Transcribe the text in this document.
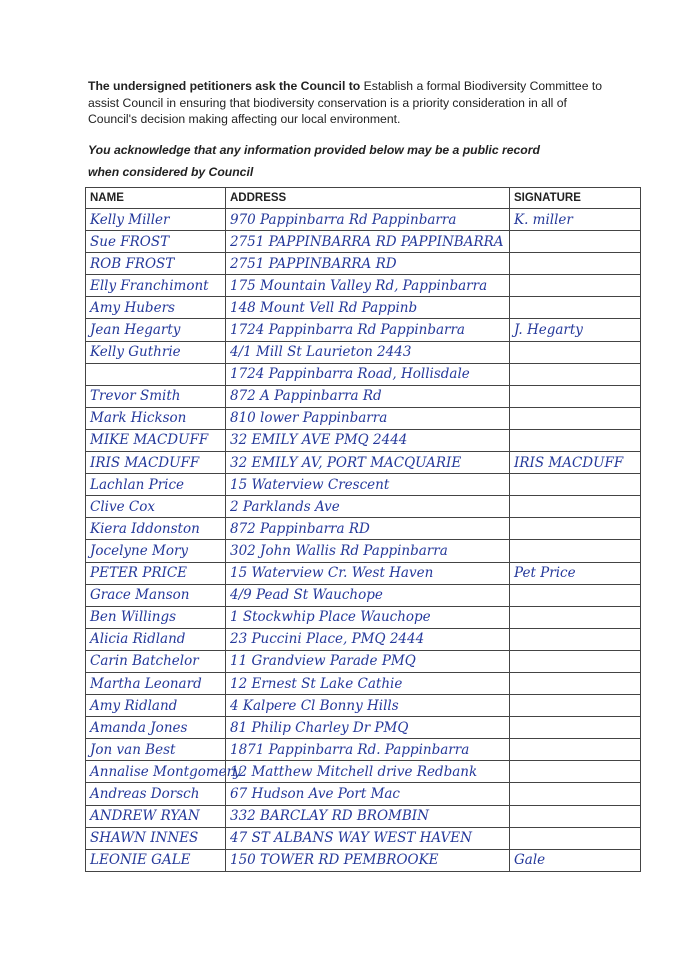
The undersigned petitioners ask the Council to Establish a formal Biodiversity Committee to assist Council in ensuring that biodiversity conservation is a priority consideration in all of Council's decision making affecting our local environment.
You acknowledge that any information provided below may be a public record when considered by Council
NAME	ADDRESS	SIGNATURE
Kelly Miller	970 Pappinbarra Rd Pappinbarra	K. miller
Sue FROST	2751 PAPPINBARRA RD PAPPINBARRA	
ROB FROST	2751 PAPPINBARRA RD	
Elly Franchimont	175 Mountain Valley Rd, Pappinbarra	
Amy Hubers	148 Mount Vell Rd Pappinb	
Jean Hegarty	1724 Pappinbarra Rd Pappinbarra	J. Hegarty
Kelly Guthrie	4/1 Mill St Laurieton 2443	
	1724 Pappinbarra Road, Hollisdale	
Trevor Smith	872 A Pappinbarra Rd	
Mark Hickson	810 lower Pappinbarra	
MIKE MACDUFF	32 EMILY AVE PMQ 2444	
IRIS MACDUFF	32 EMILY AV, PORT MACQUARIE	IRIS MACDUFF
Lachlan Price	15 Waterview Crescent	
Clive Cox	2 Parklands Ave	
Kiera Iddonston	872 Pappinbarra RD	
Jocelyne Mory	302 John Wallis Rd Pappinbarra	
PETER PRICE	15 Waterview Cr. West Haven	Pet Price
Grace Manson	4/9 Pead St Wauchope	
Ben Willings	1 Stockwhip Place Wauchope	
Alicia Ridland	23 Puccini Place, PMQ 2444	
Carin Batchelor	11 Grandview Parade PMQ	
Martha Leonard	12 Ernest St Lake Cathie	
Amy Ridland	4 Kalpere Cl Bonny Hills	
Amanda Jones	81 Philip Charley Dr PMQ	
Jon van Best	1871 Pappinbarra Rd. Pappinbarra	
Annalise Montgomery	12 Matthew Mitchell drive Redbank	
Andreas Dorsch	67 Hudson Ave Port Mac	
ANDREW RYAN	332 BARCLAY RD BROMBIN	
SHAWN INNES	47 ST ALBANS WAY WEST HAVEN	
LEONIE GALE	150 TOWER RD PEMBROOKE	Gale
